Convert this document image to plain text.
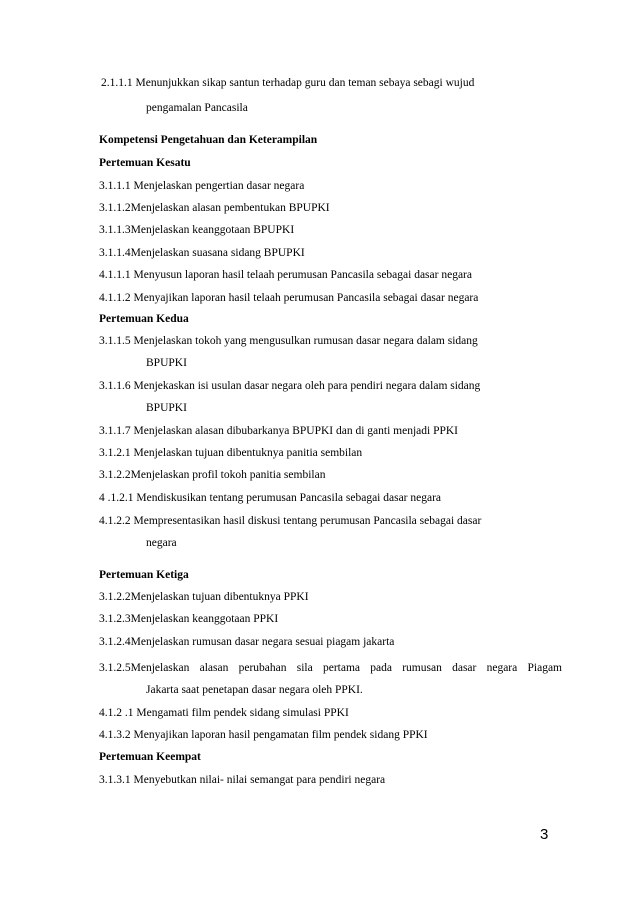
2.1.1.1 Menunjukkan sikap santun terhadap guru dan teman sebaya sebagi wujud
pengamalan Pancasila
Kompetensi Pengetahuan dan Keterampilan
Pertemuan Kesatu
3.1.1.1 Menjelaskan pengertian dasar negara
3.1.1.2Menjelaskan alasan pembentukan BPUPKI
3.1.1.3Menjelaskan keanggotaan BPUPKI
3.1.1.4Menjelaskan suasana sidang BPUPKI
4.1.1.1 Menyusun laporan hasil telaah perumusan Pancasila sebagai dasar negara
4.1.1.2 Menyajikan laporan hasil telaah perumusan Pancasila sebagai dasar negara
Pertemuan Kedua
3.1.1.5 Menjelaskan tokoh yang mengusulkan rumusan dasar negara dalam sidang
BPUPKI
3.1.1.6 Menjekaskan isi usulan dasar negara oleh para pendiri negara dalam sidang
BPUPKI
3.1.1.7 Menjelaskan alasan dibubarkanya BPUPKI dan di ganti menjadi PPKI
3.1.2.1 Menjelaskan tujuan dibentuknya panitia sembilan
3.1.2.2Menjelaskan profil tokoh panitia sembilan
4 .1.2.1 Mendiskusikan tentang perumusan Pancasila sebagai dasar negara
4.1.2.2 Mempresentasikan hasil diskusi tentang perumusan Pancasila sebagai dasar
negara
Pertemuan Ketiga
3.1.2.2Menjelaskan tujuan dibentuknya PPKI
3.1.2.3Menjelaskan keanggotaan PPKI
3.1.2.4Menjelaskan rumusan dasar negara sesuai piagam jakarta
3.1.2.5Menjelaskan alasan perubahan sila pertama pada rumusan dasar negara Piagam
Jakarta saat penetapan dasar negara oleh PPKI.
4.1.2 .1 Mengamati film pendek sidang simulasi PPKI
4.1.3.2 Menyajikan laporan hasil pengamatan film pendek sidang PPKI
Pertemuan Keempat
3.1.3.1 Menyebutkan nilai- nilai semangat para pendiri negara
3
